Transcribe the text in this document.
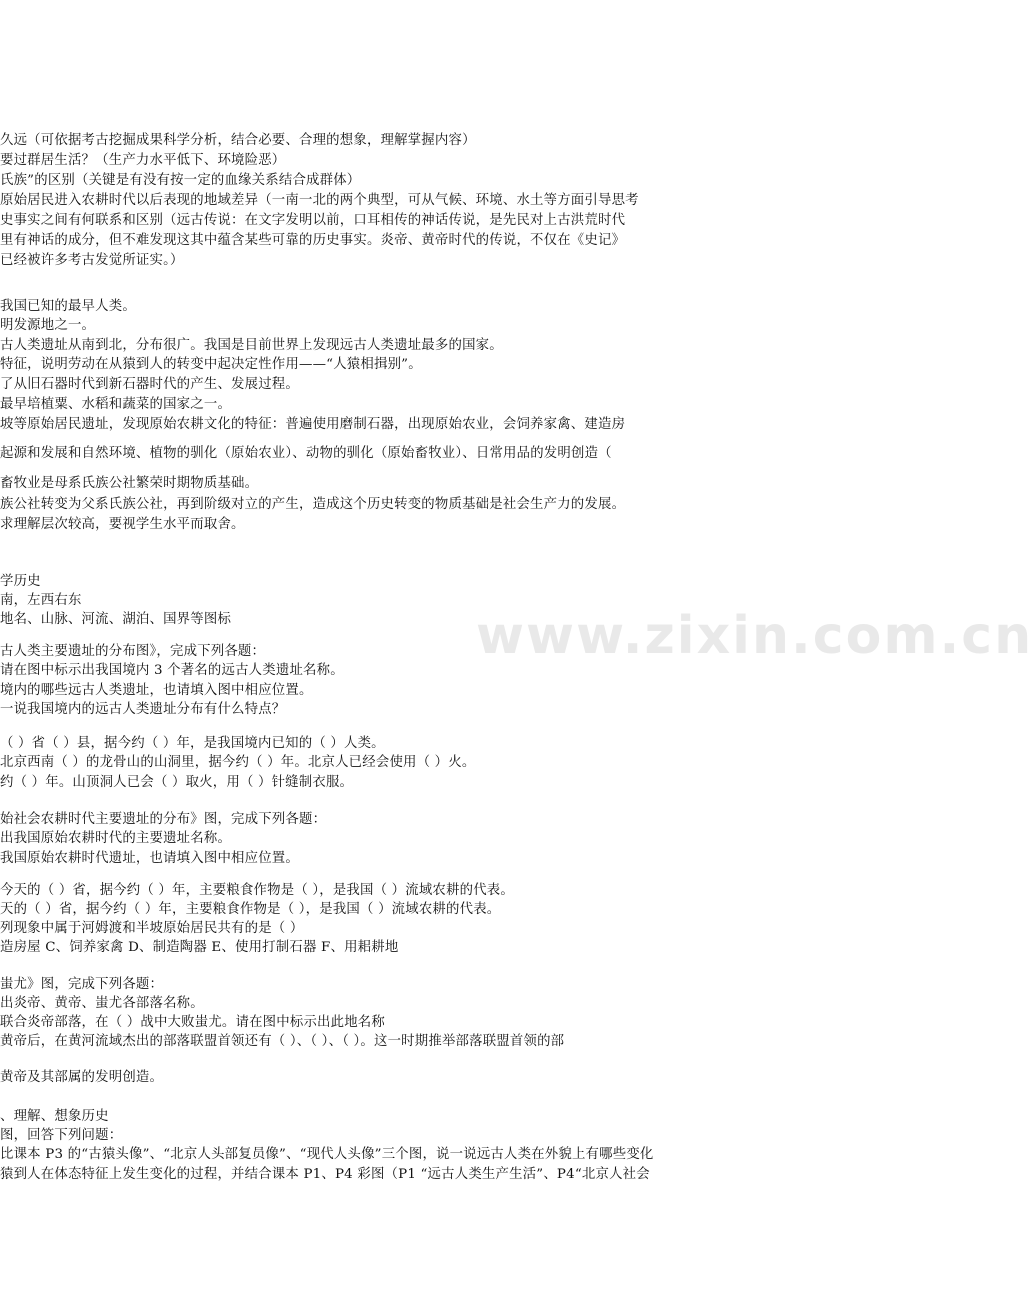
www.zixin.com.cn
久远（可依据考古挖掘成果科学分析，结合必要、合理的想象，理解掌握内容）
要过群居生活？（生产力水平低下、环境险恶）
氏族”的区别（关键是有没有按一定的血缘关系结合成群体）
原始居民进入农耕时代以后表现的地域差异（一南一北的两个典型，可从气候、环境、水土等方面引导思考
史事实之间有何联系和区别（远古传说：在文字发明以前，口耳相传的神话传说，是先民对上古洪荒时代
里有神话的成分，但不难发现这其中蕴含某些可靠的历史事实。炎帝、黄帝时代的传说，不仅在《史记》
已经被许多考古发觉所证实。）
我国已知的最早人类。
明发源地之一。
古人类遗址从南到北，分布很广。我国是目前世界上发现远古人类遗址最多的国家。
特征，说明劳动在从猿到人的转变中起决定性作用——“人猿相揖别”。
了从旧石器时代到新石器时代的产生、发展过程。
最早培植粟、水稻和蔬菜的国家之一。
坡等原始居民遗址，发现原始农耕文化的特征：普遍使用磨制石器，出现原始农业，会饲养家禽、建造房
起源和发展和自然环境、植物的驯化（原始农业）、动物的驯化（原始畜牧业）、日常用品的发明创造（
畜牧业是母系氏族公社繁荣时期物质基础。
族公社转变为父系氏族公社，再到阶级对立的产生，造成这个历史转变的物质基础是社会生产力的发展。
求理解层次较高，要视学生水平而取舍。
学历史
南，左西右东
地名、山脉、河流、湖泊、国界等图标
古人类主要遗址的分布图》，完成下列各题：
请在图中标示出我国境内 3 个著名的远古人类遗址名称。
境内的哪些远古人类遗址，也请填入图中相应位置。
一说我国境内的远古人类遗址分布有什么特点？
（ ）省（ ）县，据今约（ ）年，是我国境内已知的（ ）人类。
北京西南（ ）的龙骨山的山洞里，据今约（ ）年。北京人已经会使用（ ）火。
约（ ）年。山顶洞人已会（ ）取火，用（ ）针缝制衣服。
始社会农耕时代主要遗址的分布》图，完成下列各题：
出我国原始农耕时代的主要遗址名称。
我国原始农耕时代遗址，也请填入图中相应位置。
今天的（ ）省，据今约（ ）年，主要粮食作物是（ ），是我国（ ）流域农耕的代表。
天的（ ）省，据今约（ ）年，主要粮食作物是（ ），是我国（ ）流域农耕的代表。
列现象中属于河姆渡和半坡原始居民共有的是（ ）
造房屋 C、饲养家禽 D、制造陶器 E、使用打制石器 F、用耜耕地
蚩尤》图，完成下列各题：
出炎帝、黄帝、蚩尤各部落名称。
联合炎帝部落，在（ ）战中大败蚩尤。请在图中标示出此地名称
黄帝后，在黄河流域杰出的部落联盟首领还有（ ）、（ ）、（ ）。这一时期推举部落联盟首领的部
黄帝及其部属的发明创造。
、理解、想象历史
图，回答下列问题：
比课本 P3 的“古猿头像”、“北京人头部复员像”、“现代人头像”三个图，说一说远古人类在外貌上有哪些变化
猿到人在体态特征上发生变化的过程，并结合课本 P1、P4 彩图（P1 “远古人类生产生活”、P4“北京人社会
